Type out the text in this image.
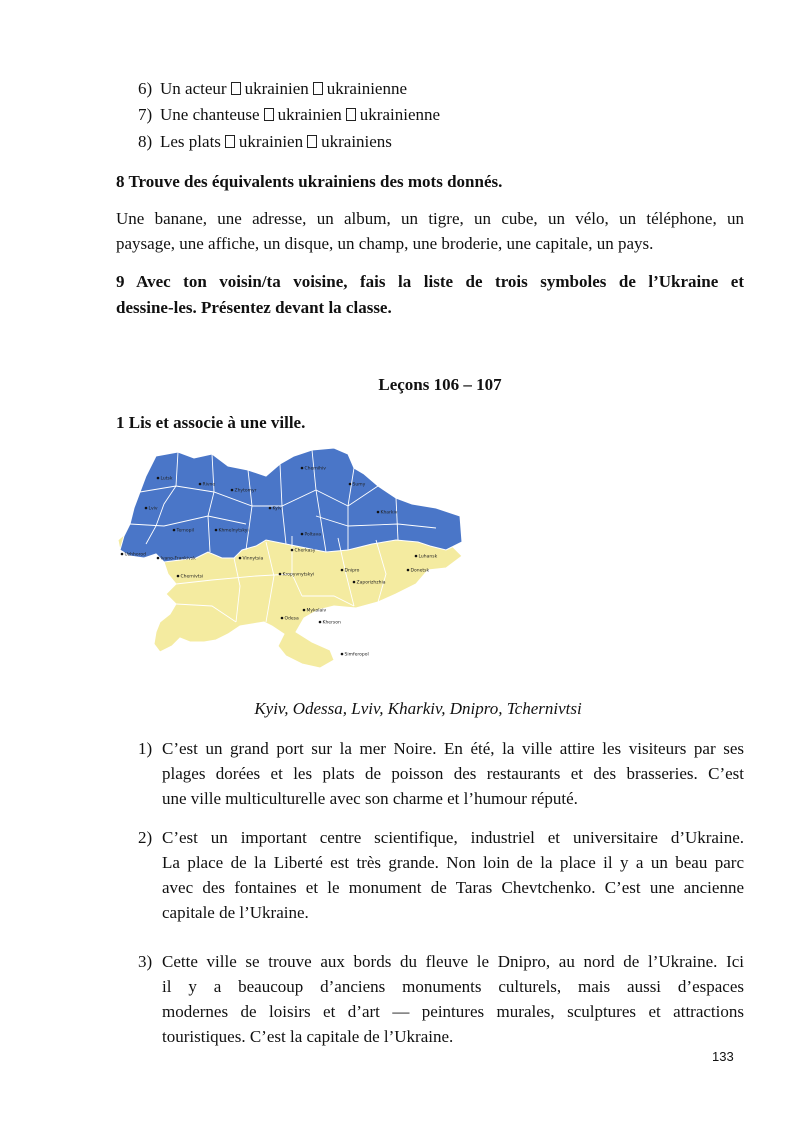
6) Un acteur ukrainien ukrainienne
7) Une chanteuse ukrainien ukrainienne
8) Les plats ukrainien ukrainiens
8 Trouve des équivalents ukrainiens des mots donnés.
Une banane, une adresse, un album, un tigre, un cube, un vélo, un téléphone, un
paysage, une affiche, un disque, un champ, une broderie, une capitale, un pays.
9 Avec ton voisin/ta voisine, fais la liste de trois symboles de l’Ukraine et
dessine-les. Présentez devant la classe.
Leçons 106 – 107
1 Lis et associe à une ville.
Lutsk
Rivne
Zhytomyr
Chernihiv
Sumy
Kyiv
Lviv
Ternopil	Khmelnytskyi
Poltava
Kharkiv
Cherkasy
Uzhhorod
Ivano-Frankivsk
Chernivtsi
Vinnytsia
Kropyvnytskyi
Dnipro
Luhansk
Zaporizhzhia
Donetsk
Odesa
Mykolaiv
Kherson
Simferopol
Kyiv, Odessa, Lviv, Kharkiv, Dnipro, Tchernivtsi
1) C’est un grand port sur la mer Noire. En été, la ville attire les visiteurs par ses
plages dorées et les plats de poisson des restaurants et des brasseries. C’est
une ville multiculturelle avec son charme et l’humour réputé.
2) C’est un important centre scientifique, industriel et universitaire d’Ukraine.
La place de la Liberté est très grande. Non loin de la place il y a un beau parc
avec des fontaines et le monument de Taras Chevtchenko. C’est une ancienne
capitale de l’Ukraine.
3) Cette ville se trouve aux bords du fleuve le Dnipro, au nord de l’Ukraine. Ici
il y a beaucoup d’anciens monuments culturels, mais aussi d’espaces
modernes de loisirs et d’art — peintures murales, sculptures et attractions
touristiques. C’est la capitale de l’Ukraine.
133
